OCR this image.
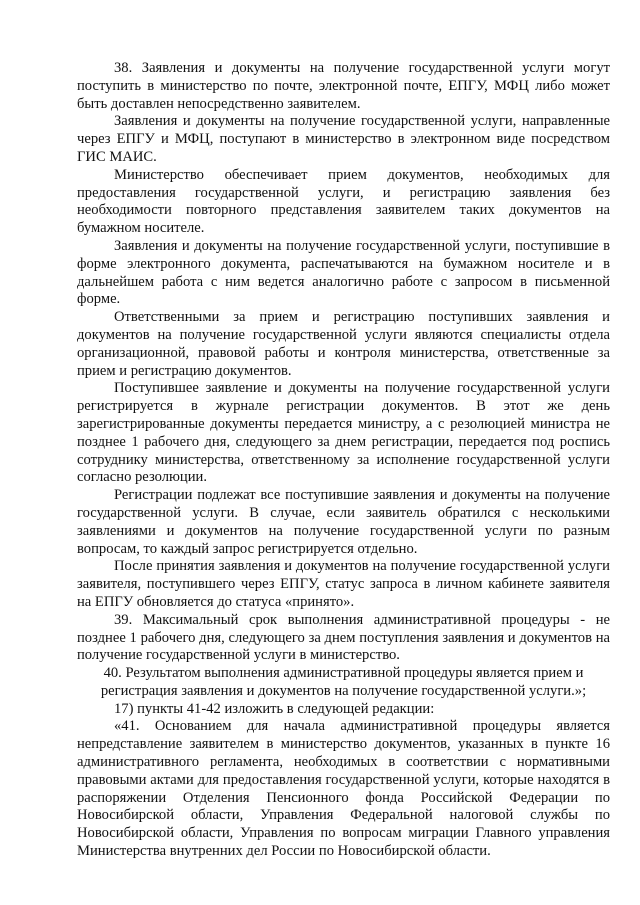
38. Заявления и документы на получение государственной услуги могут поступить в министерство по почте, электронной почте, ЕПГУ, МФЦ либо может быть доставлен непосредственно заявителем.

Заявления и документы на получение государственной услуги, направленные через ЕПГУ и МФЦ, поступают в министерство в электронном виде посредством ГИС МАИС.

Министерство обеспечивает прием документов, необходимых для предоставления государственной услуги, и регистрацию заявления без необходимости повторного представления заявителем таких документов на бумажном носителе.

Заявления и документы на получение государственной услуги, поступившие в форме электронного документа, распечатываются на бумажном носителе и в дальнейшем работа с ним ведется аналогично работе с запросом в письменной форме.

Ответственными за прием и регистрацию поступивших заявления и документов на получение государственной услуги являются специалисты отдела организационной, правовой работы и контроля министерства, ответственные за прием и регистрацию документов.

Поступившее заявление и документы на получение государственной услуги регистрируется в журнале регистрации документов. В этот же день зарегистрированные документы передается министру, а с резолюцией министра не позднее 1 рабочего дня, следующего за днем регистрации, передается под роспись сотруднику министерства, ответственному за исполнение государственной услуги согласно резолюции.

Регистрации подлежат все поступившие заявления и документы на получение государственной услуги. В случае, если заявитель обратился с несколькими заявлениями и документов на получение государственной услуги по разным вопросам, то каждый запрос регистрируется отдельно.

После принятия заявления и документов на получение государственной услуги заявителя, поступившего через ЕПГУ, статус запроса в личном кабинете заявителя на ЕПГУ обновляется до статуса «принято».

39. Максимальный срок выполнения административной процедуры - не позднее 1 рабочего дня, следующего за днем поступления заявления и документов на получение государственной услуги в министерство.

40. Результатом выполнения административной процедуры является прием и регистрация заявления и документов на получение государственной услуги.»;

17) пункты 41-42 изложить в следующей редакции:

«41. Основанием для начала административной процедуры является непредставление заявителем в министерство документов, указанных в пункте 16 административного регламента, необходимых в соответствии с нормативными правовыми актами для предоставления государственной услуги, которые находятся в распоряжении Отделения Пенсионного фонда Российской Федерации по Новосибирской области, Управления Федеральной налоговой службы по Новосибирской области, Управления по вопросам миграции Главного управления Министерства внутренних дел России по Новосибирской области.
